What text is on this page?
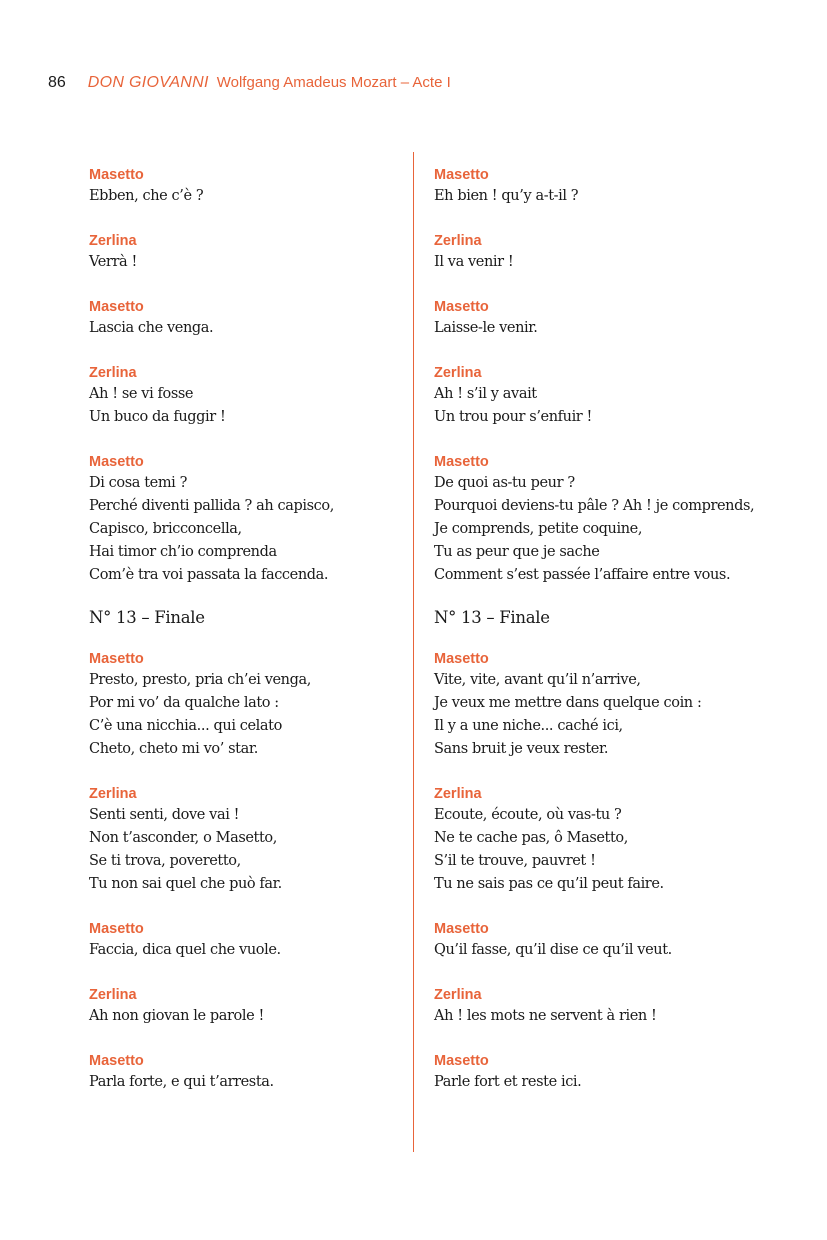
86 DON GIOVANNI Wolfgang Amadeus Mozart – Acte I
Masetto
Ebben, che c’è ?
Zerlina
Verrà !
Masetto
Lascia che venga.
Zerlina
Ah ! se vi fosse
Un buco da fuggir !
Masetto
Di cosa temi ?
Perché diventi pallida ? ah capisco,
Capisco, bricconcella,
Hai timor ch’io comprenda
Com’è tra voi passata la faccenda.
N° 13 – Finale
Masetto
Presto, presto, pria ch’ei venga,
Por mi vo’ da qualche lato :
C’è una nicchia... qui celato
Cheto, cheto mi vo’ star.
Zerlina
Senti senti, dove vai !
Non t’asconder, o Masetto,
Se ti trova, poveretto,
Tu non sai quel che può far.
Masetto
Faccia, dica quel che vuole.
Zerlina
Ah non giovan le parole !
Masetto
Parla forte, e qui t’arresta.
Masetto
Eh bien ! qu’y a-t-il ?
Zerlina
Il va venir !
Masetto
Laisse-le venir.
Zerlina
Ah ! s’il y avait
Un trou pour s’enfuir !
Masetto
De quoi as-tu peur ?
Pourquoi deviens-tu pâle ? Ah ! je comprends,
Je comprends, petite coquine,
Tu as peur que je sache
Comment s’est passée l’affaire entre vous.
N° 13 – Finale
Masetto
Vite, vite, avant qu’il n’arrive,
Je veux me mettre dans quelque coin :
Il y a une niche... caché ici,
Sans bruit je veux rester.
Zerlina
Ecoute, écoute, où vas-tu ?
Ne te cache pas, ô Masetto,
S’il te trouve, pauvret !
Tu ne sais pas ce qu’il peut faire.
Masetto
Qu’il fasse, qu’il dise ce qu’il veut.
Zerlina
Ah ! les mots ne servent à rien !
Masetto
Parle fort et reste ici.
